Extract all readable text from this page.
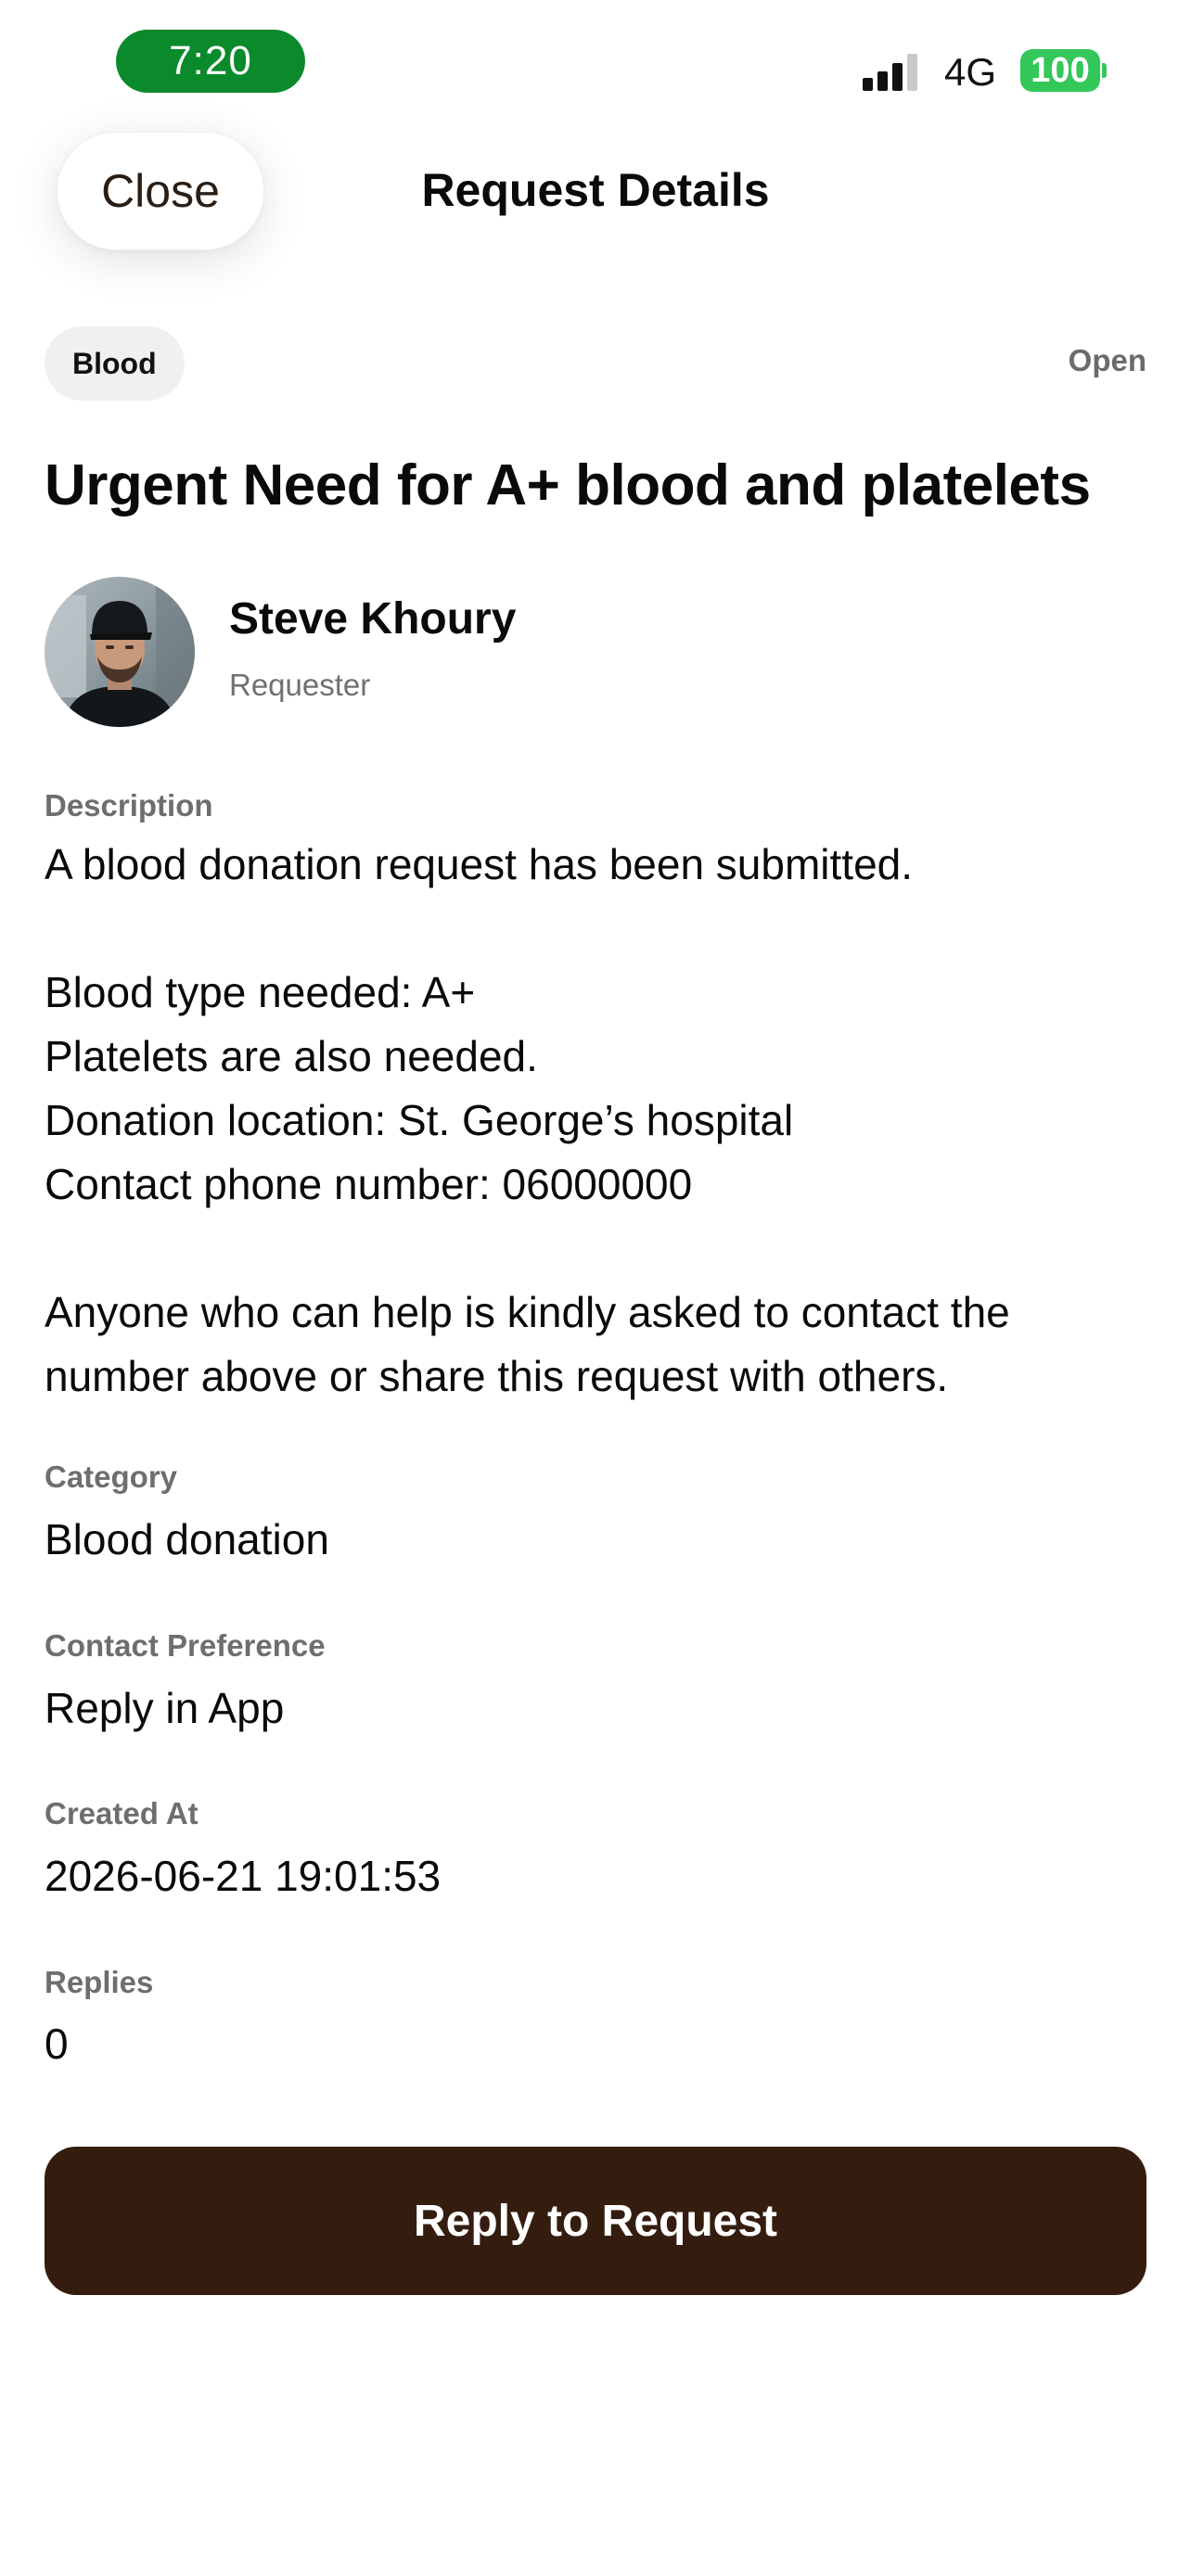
7:20	4G 100
Close	Request Details
Blood	Open
Urgent Need for A+ blood and platelets
Steve Khoury
Requester
Description
A blood donation request has been submitted.

Blood type needed: A+
Platelets are also needed.
Donation location: St. George’s hospital
Contact phone number: 06000000

Anyone who can help is kindly asked to contact the number above or share this request with others.
Category
Blood donation
Contact Preference
Reply in App
Created At
2026-06-21 19:01:53
Replies
0
Reply to Request
